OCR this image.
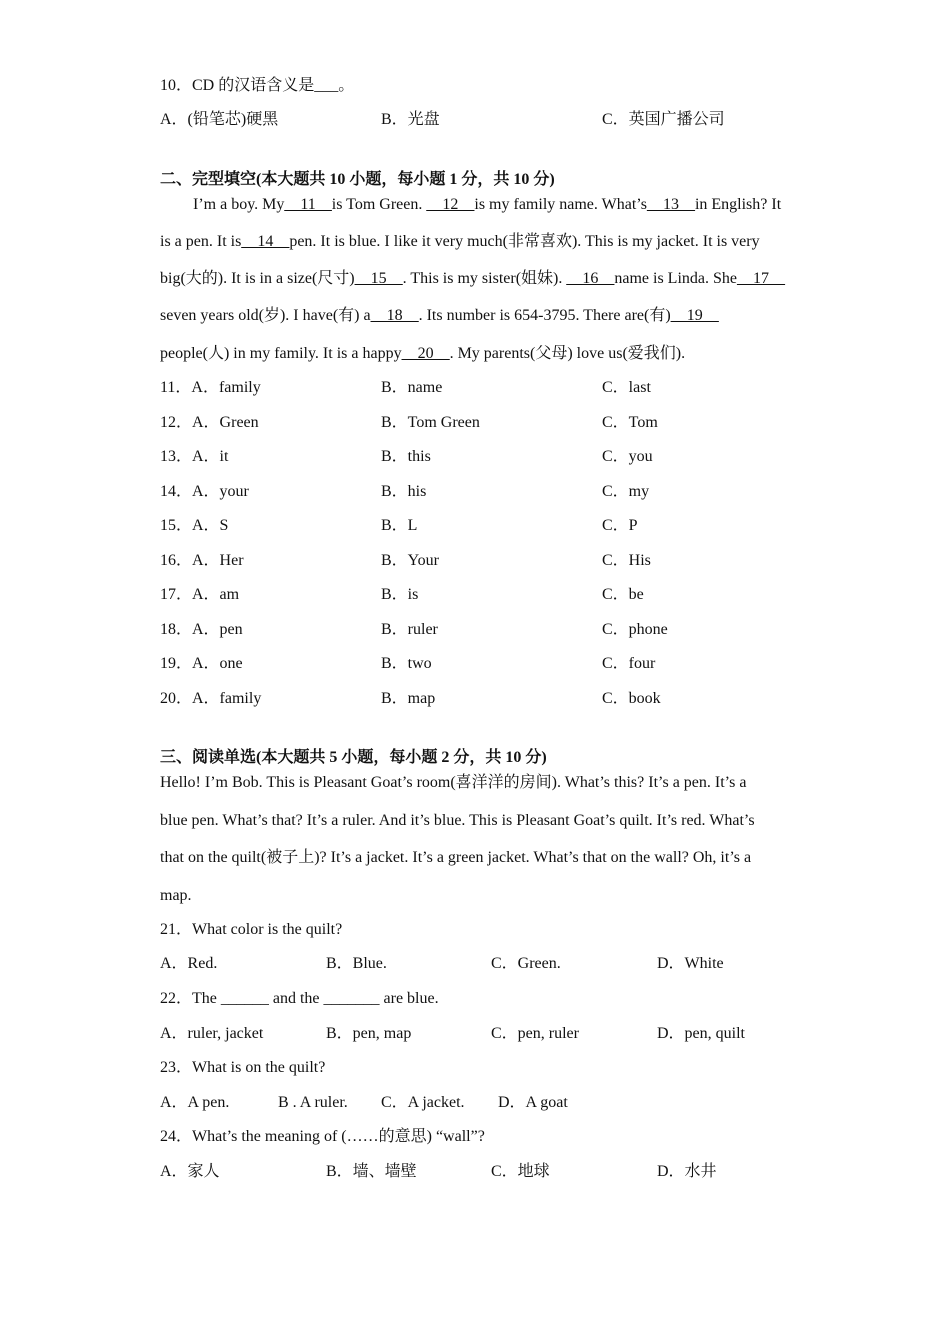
10．CD 的汉语含义是___。
A．(铅笔芯)硬黑	B．光盘	C．英国广播公司
二、完型填空(本大题共 10 小题，每小题 1 分，共 10 分)
I’m a boy. My__11__is Tom Green. __12__is my family name. What’s__13__in English? It
is a pen. It is__14__pen. It is blue. I like it very much(非常喜欢). This is my jacket. It is very
big(大的). It is in a size(尺寸)__15__. This is my sister(姐妹). __16__name is Linda. She__17__
seven years old(岁). I have(有) a__18__. Its number is 654-3795. There are(有)__19__
people(人) in my family. It is a happy__20__. My parents(父母) love us(爱我们).
11．A．family	B．name	C．last
12．A．Green	B．Tom Green	C．Tom
13．A．it	B．this	C．you
14．A．your	B．his	C．my
15．A．S	B．L	C．P
16．A．Her	B．Your	C．His
17．A．am	B．is	C．be
18．A．pen	B．ruler	C．phone
19．A．one	B．two	C．four
20．A．family	B．map	C．book
三、阅读单选(本大题共 5 小题，每小题 2 分，共 10 分)
Hello! I’m Bob. This is Pleasant Goat’s room(喜洋洋的房间). What’s this? It’s a pen. It’s a
blue pen. What’s that? It’s a ruler. And it’s blue. This is Pleasant Goat’s quilt. It’s red. What’s
that on the quilt(被子上)? It’s a jacket. It’s a green jacket. What’s that on the wall? Oh, it’s a
map.
21．What color is the quilt?
A．Red.	B．Blue.	C．Green.	D．White
22．The ______ and the _______ are blue.
A．ruler, jacket	B．pen, map	C．pen, ruler	D．pen, quilt
23．What is on the quilt?
A．A pen.	B . A ruler. C．A jacket. D．A goat
24．What’s the meaning of (……的意思) “wall”?
A．家人	B．墙、墙壁	C．地球	D．水井
